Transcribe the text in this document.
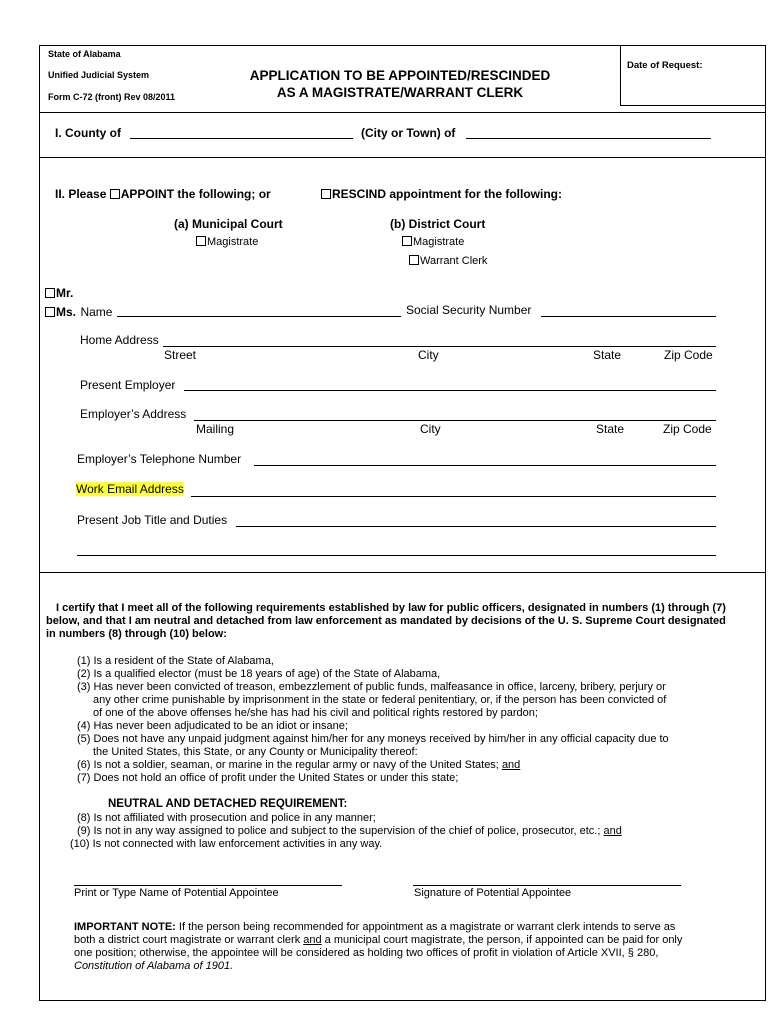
State of Alabama
Unified Judicial System
Form C-72 (front) Rev 08/2011
APPLICATION TO BE APPOINTED/RESCINDED
AS A MAGISTRATE/WARRANT CLERK
Date of Request:
I. County of	(City or Town) of
II. Please APPOINT the following; or	RESCIND appointment for the following:
(a) Municipal Court
Magistrate
(b) District Court
Magistrate
Warrant Clerk
Mr.
Ms. Name	Social Security Number
Home Address
Street	City	State	Zip Code
Present Employer
Employer’s Address
Mailing	City	State	Zip Code
Employer’s Telephone Number
Work Email Address
Present Job Title and Duties
I certify that I meet all of the following requirements established by law for public officers, designated in numbers (1) through (7) below, and that I am neutral and detached from law enforcement as mandated by decisions of the U. S. Supreme Court designated in numbers (8) through (10) below:
(1) Is a resident of the State of Alabama,
(2) Is a qualified elector (must be 18 years of age) of the State of Alabama,
(3) Has never been convicted of treason, embezzlement of public funds, malfeasance in office, larceny, bribery, perjury or
any other crime punishable by imprisonment in the state or federal penitentiary, or, if the person has been convicted of
of one of the above offenses he/she has had his civil and political rights restored by pardon;
(4) Has never been adjudicated to be an idiot or insane;
(5) Does not have any unpaid judgment against him/her for any moneys received by him/her in any official capacity due to
the United States, this State, or any County or Municipality thereof:
(6) Is not a soldier, seaman, or marine in the regular army or navy of the United States; and
(7) Does not hold an office of profit under the United States or under this state;
NEUTRAL AND DETACHED REQUIREMENT:
(8) Is not affiliated with prosecution and police in any manner;
(9) Is not in any way assigned to police and subject to the supervision of the chief of police, prosecutor, etc.; and
(10) Is not connected with law enforcement activities in any way.
Print or Type Name of Potential Appointee	Signature of Potential Appointee
IMPORTANT NOTE: If the person being recommended for appointment as a magistrate or warrant clerk intends to serve as
both a district court magistrate or warrant clerk and a municipal court magistrate, the person, if appointed can be paid for only
one position; otherwise, the appointee will be considered as holding two offices of profit in violation of Article XVII, § 280,
Constitution of Alabama of 1901.
